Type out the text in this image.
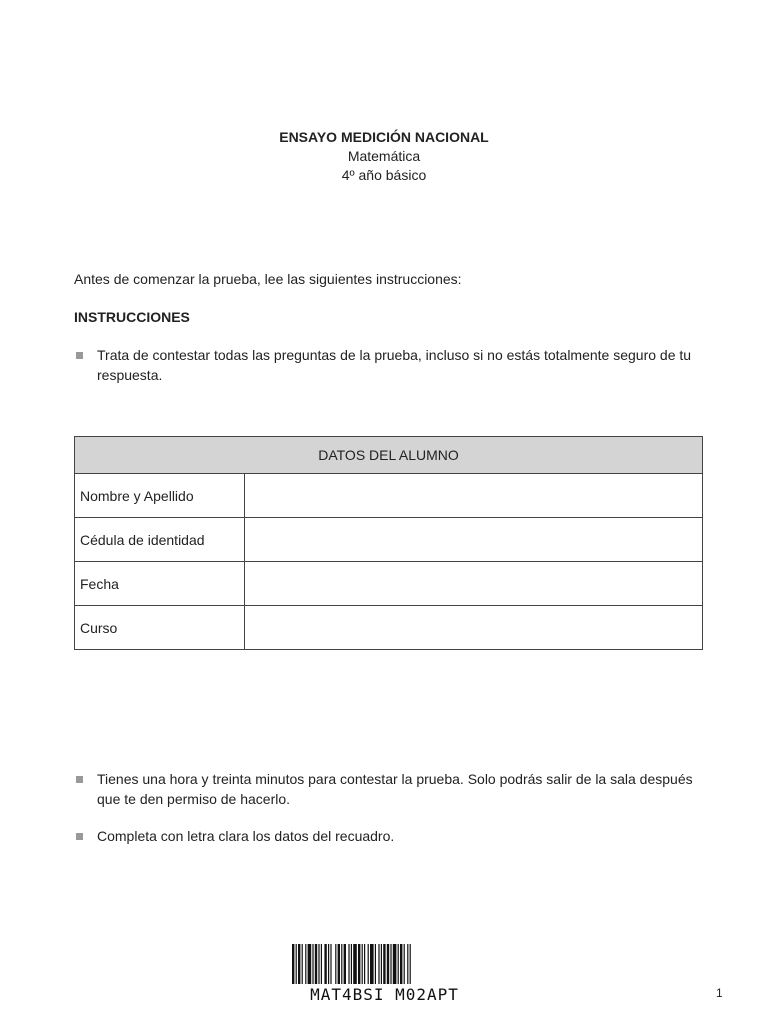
ENSAYO MEDICIÓN NACIONAL
Matemática
4º año básico
Antes de comenzar la prueba, lee las siguientes instrucciones:
INSTRUCCIONES
Trata de contestar todas las preguntas de la prueba, incluso si no estás totalmente seguro de tu respuesta.
DATOS DEL ALUMNO	
Nombre y Apellido	
Cédula de identidad	
Fecha	
Curso	
Tienes una hora y treinta minutos para contestar la prueba. Solo podrás salir de la sala después que te den permiso de hacerlo.
Completa con letra clara los datos del recuadro.
MAT4BSI M02APT	1
